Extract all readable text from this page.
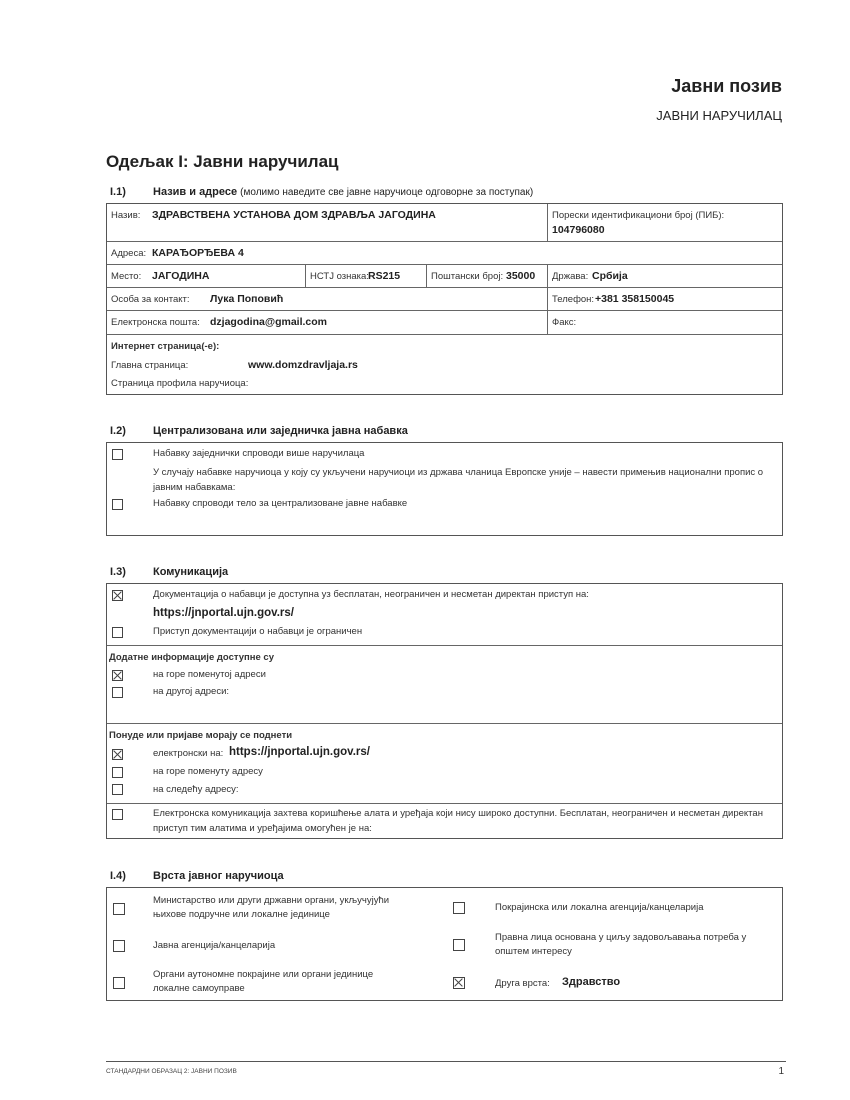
Јавни позив
ЈАВНИ НАРУЧИЛАЦ
Одељак I: Јавни наручилац
I.1) Назив и адресе (молимо наведите све јавне наручиоце одговорне за поступак)
Назив: ЗДРАВСТВЕНА УСТАНОВА ДОМ ЗДРАВЉА ЈАГОДИНА	Порески идентификациони број (ПИБ):
104796080
Адреса: КАРАЂОРЂЕВА 4
Место: ЈАГОДИНА	НСТЈ ознака: RS215	Поштански број: 35000 Држава: Србија
Особа за контакт: Лука Поповић	Телефон: +381 358150045
Електронска пошта: dzjagodina@gmail.com	Факс:
Интернет страница(-е):
Главна страница:	www.domzdravljaja.rs
Страница профила наручиоца:
I.2) Централизована или заједничка јавна набавка
Набавку заједнички спроводи више наручилаца
У случају набавке наручиоца у коју су укључени наручиоци из држава чланица Европске уније – навести примењив национални пропис о јавним набавкама:
Набавку спроводи тело за централизоване јавне набавке
I.3) Комуникација
Документација о набавци је доступна уз бесплатан, неограничен и несметан директан приступ на:
https://jnportal.ujn.gov.rs/
Приступ документацији о набавци је ограничен
Додатне информације доступне су
на горе поменутој адреси
на другој адреси:
Понуде или пријаве морају се поднети
електронски на: https://jnportal.ujn.gov.rs/
на горе поменуту адресу
на следећу адресу:
Електронска комуникација захтева коришћење алата и уређаја који нису широко доступни. Бесплатан, неограничен и несметан директан приступ тим алатима и уређајима омогућен је на:
I.4) Врста јавног наручиоца
Министарство или други државни органи, укључујући њихове подручне или локалне јединице
Јавна агенција/канцеларија
Органи аутономне покрајине или органи јединице локалне самоуправе
Покрајинска или локална агенција/канцеларија
Правна лица основана у циљу задовољавања потреба у општем интересу
Друга врста: Здравство
СТАНДАРДНИ ОБРАЗАЦ 2: ЈАВНИ ПОЗИВ	1
